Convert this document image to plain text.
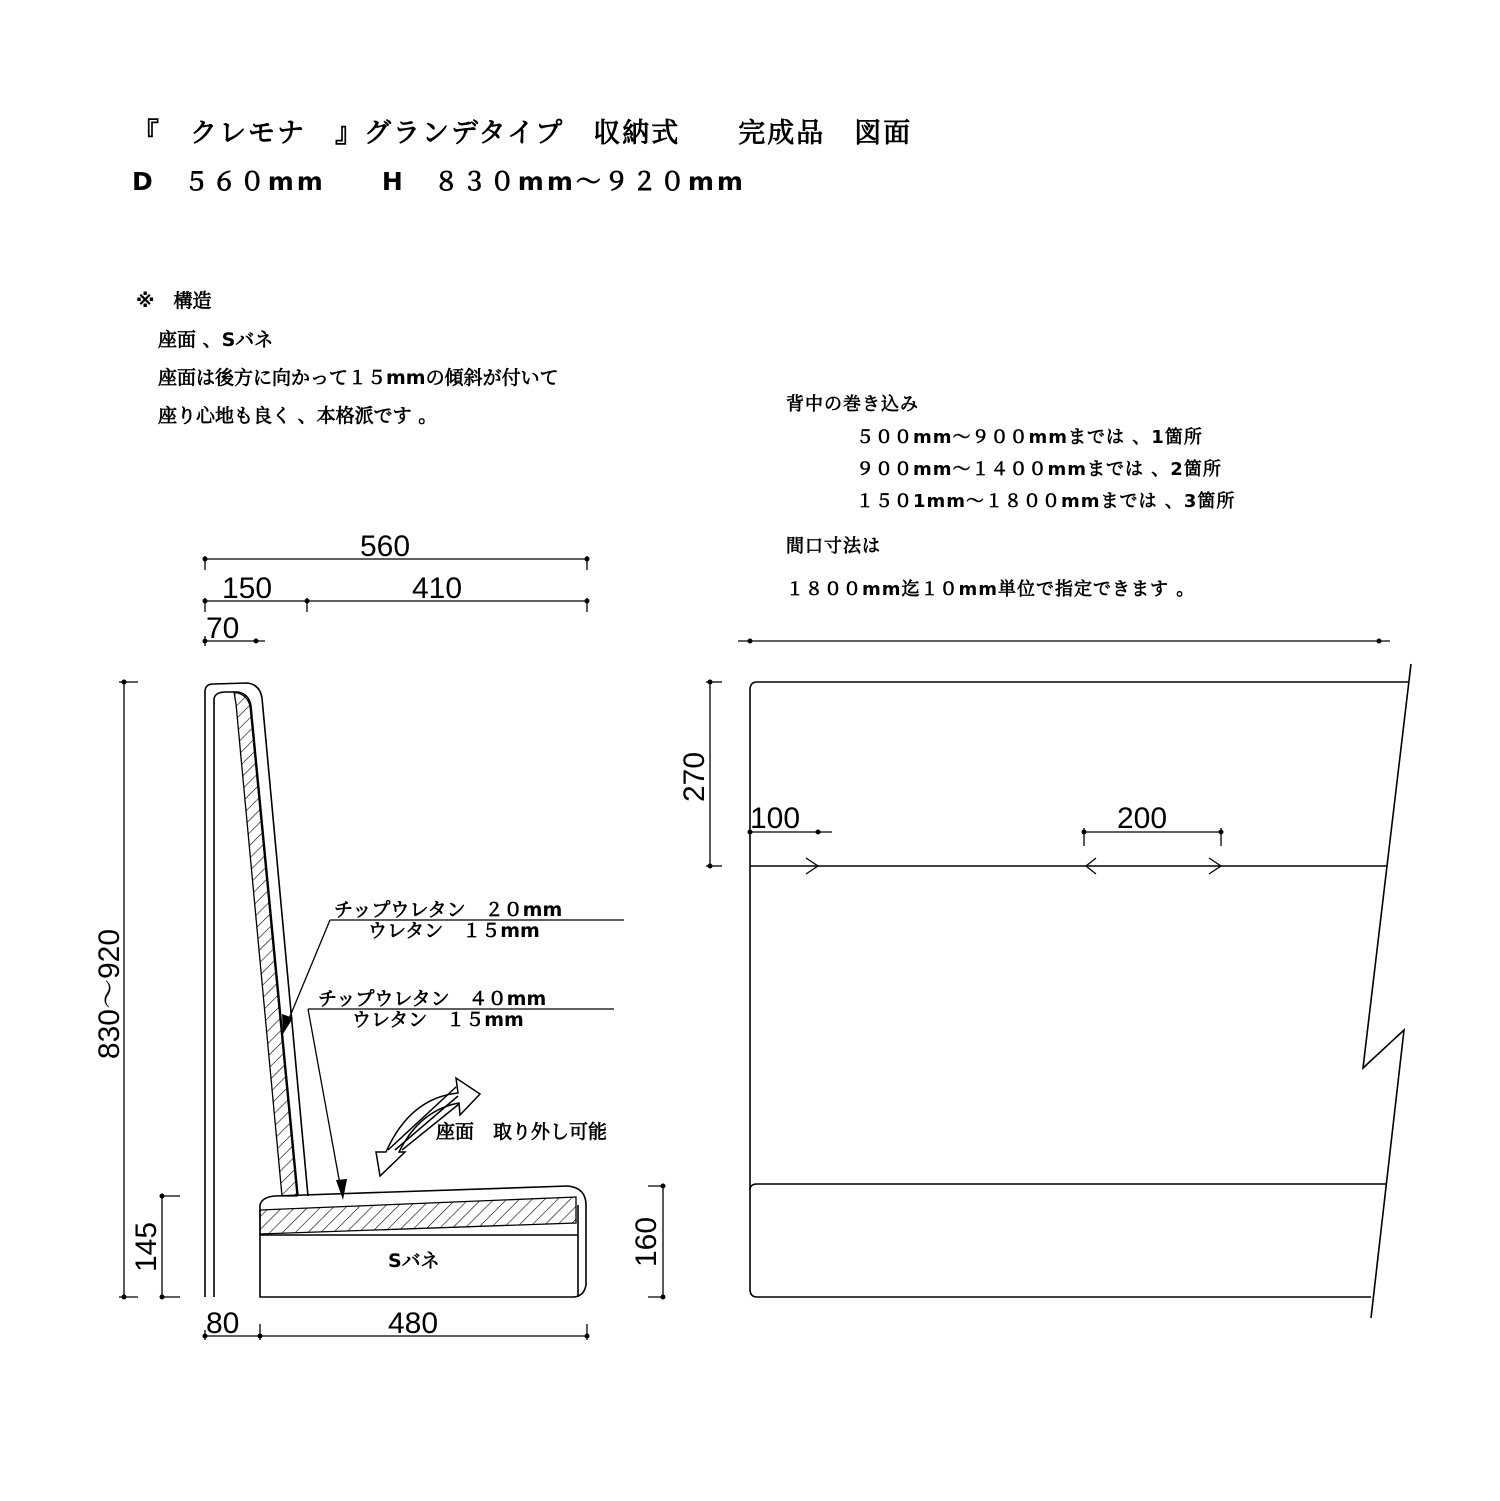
『　クレモナ　』グランデタイプ　収納式　　完成品　図面
D　５６０mm　　H　８３０mm～９２０mm
※　構造
座面 、Sバネ
座面は後方に向かって１５mmの傾斜が付いて
座り心地も良く 、本格派です 。
背中の巻き込み
５００mm～９００mmまでは 、1箇所
９００mm～１４００mmまでは 、2箇所
１５０1mm～１８００mmまでは 、3箇所
間口寸法は
１８００mm迄１０mm単位で指定できます 。
560
150	410
70
830～920
145	160
80	480
270
100	200
チップウレタン　２０mm
ウレタン　１５mm
チップウレタン　４０mm
ウレタン　１５mm
座面　取り外し可能
Sバネ
